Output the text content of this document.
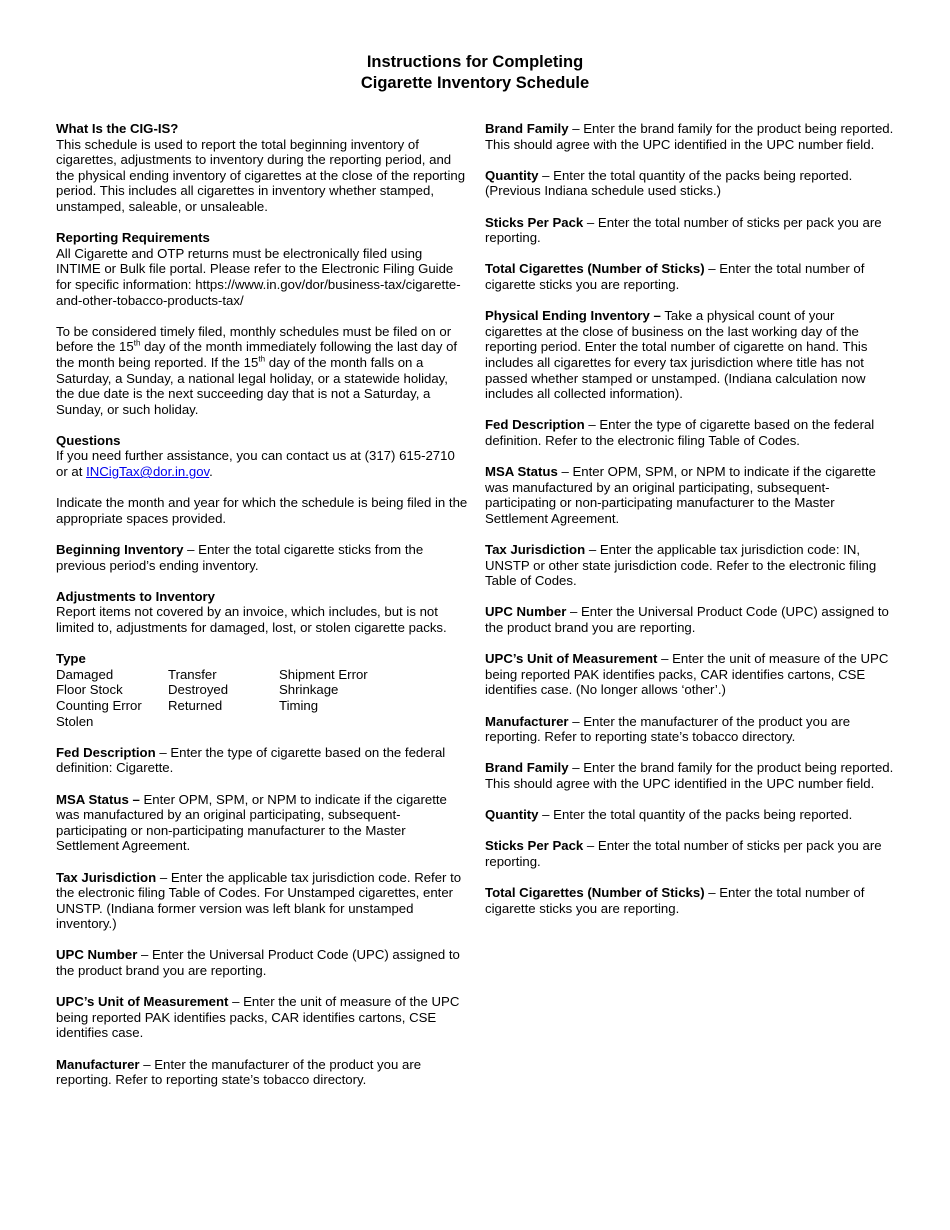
Instructions for Completing
Cigarette Inventory Schedule

What Is the CIG-IS?
This schedule is used to report the total beginning inventory of cigarettes, adjustments to inventory during the reporting period, and the physical ending inventory of cigarettes at the close of the reporting period. This includes all cigarettes in inventory whether stamped, unstamped, saleable, or unsaleable.

Reporting Requirements
All Cigarette and OTP returns must be electronically filed using INTIME or Bulk file portal. Please refer to the Electronic Filing Guide for specific information: https://www.in.gov/dor/business-tax/cigarette-and-other-tobacco-products-tax/

To be considered timely filed, monthly schedules must be filed on or before the 15th day of the month immediately following the last day of the month being reported. If the 15th day of the month falls on a Saturday, a Sunday, a national legal holiday, or a statewide holiday, the due date is the next succeeding day that is not a Saturday, a Sunday, or such holiday.

Questions
If you need further assistance, you can contact us at (317) 615-2710 or at INCigTax@dor.in.gov.

Indicate the month and year for which the schedule is being filed in the appropriate spaces provided.

Beginning Inventory – Enter the total cigarette sticks from the previous period’s ending inventory.

Adjustments to Inventory
Report items not covered by an invoice, which includes, but is not limited to, adjustments for damaged, lost, or stolen cigarette packs.

Type
Damaged	Transfer	Shipment Error
Floor Stock	Destroyed	Shrinkage
Counting Error	Returned	Timing
Stolen

Fed Description – Enter the type of cigarette based on the federal definition: Cigarette.

MSA Status – Enter OPM, SPM, or NPM to indicate if the cigarette was manufactured by an original participating, subsequent-participating or non-participating manufacturer to the Master Settlement Agreement.

Tax Jurisdiction – Enter the applicable tax jurisdiction code. Refer to the electronic filing Table of Codes. For Unstamped cigarettes, enter UNSTP. (Indiana former version was left blank for unstamped inventory.)

UPC Number – Enter the Universal Product Code (UPC) assigned to the product brand you are reporting.

UPC’s Unit of Measurement – Enter the unit of measure of the UPC being reported PAK identifies packs, CAR identifies cartons, CSE identifies case.

Manufacturer – Enter the manufacturer of the product you are reporting. Refer to reporting state’s tobacco directory.

Brand Family – Enter the brand family for the product being reported. This should agree with the UPC identified in the UPC number field.

Quantity – Enter the total quantity of the packs being reported. (Previous Indiana schedule used sticks.)

Sticks Per Pack – Enter the total number of sticks per pack you are reporting.

Total Cigarettes (Number of Sticks) – Enter the total number of cigarette sticks you are reporting.

Physical Ending Inventory – Take a physical count of your cigarettes at the close of business on the last working day of the reporting period. Enter the total number of cigarette on hand. This includes all cigarettes for every tax jurisdiction where title has not passed whether stamped or unstamped. (Indiana calculation now includes all collected information).

Fed Description – Enter the type of cigarette based on the federal definition. Refer to the electronic filing Table of Codes.

MSA Status – Enter OPM, SPM, or NPM to indicate if the cigarette was manufactured by an original participating, subsequent-participating or non-participating manufacturer to the Master Settlement Agreement.

Tax Jurisdiction – Enter the applicable tax jurisdiction code: IN, UNSTP or other state jurisdiction code. Refer to the electronic filing Table of Codes.

UPC Number – Enter the Universal Product Code (UPC) assigned to the product brand you are reporting.

UPC’s Unit of Measurement – Enter the unit of measure of the UPC being reported PAK identifies packs, CAR identifies cartons, CSE identifies case. (No longer allows ‘other’.)

Manufacturer – Enter the manufacturer of the product you are reporting. Refer to reporting state’s tobacco directory.

Brand Family – Enter the brand family for the product being reported. This should agree with the UPC identified in the UPC number field.

Quantity – Enter the total quantity of the packs being reported.

Sticks Per Pack – Enter the total number of sticks per pack you are reporting.

Total Cigarettes (Number of Sticks) – Enter the total number of cigarette sticks you are reporting.
